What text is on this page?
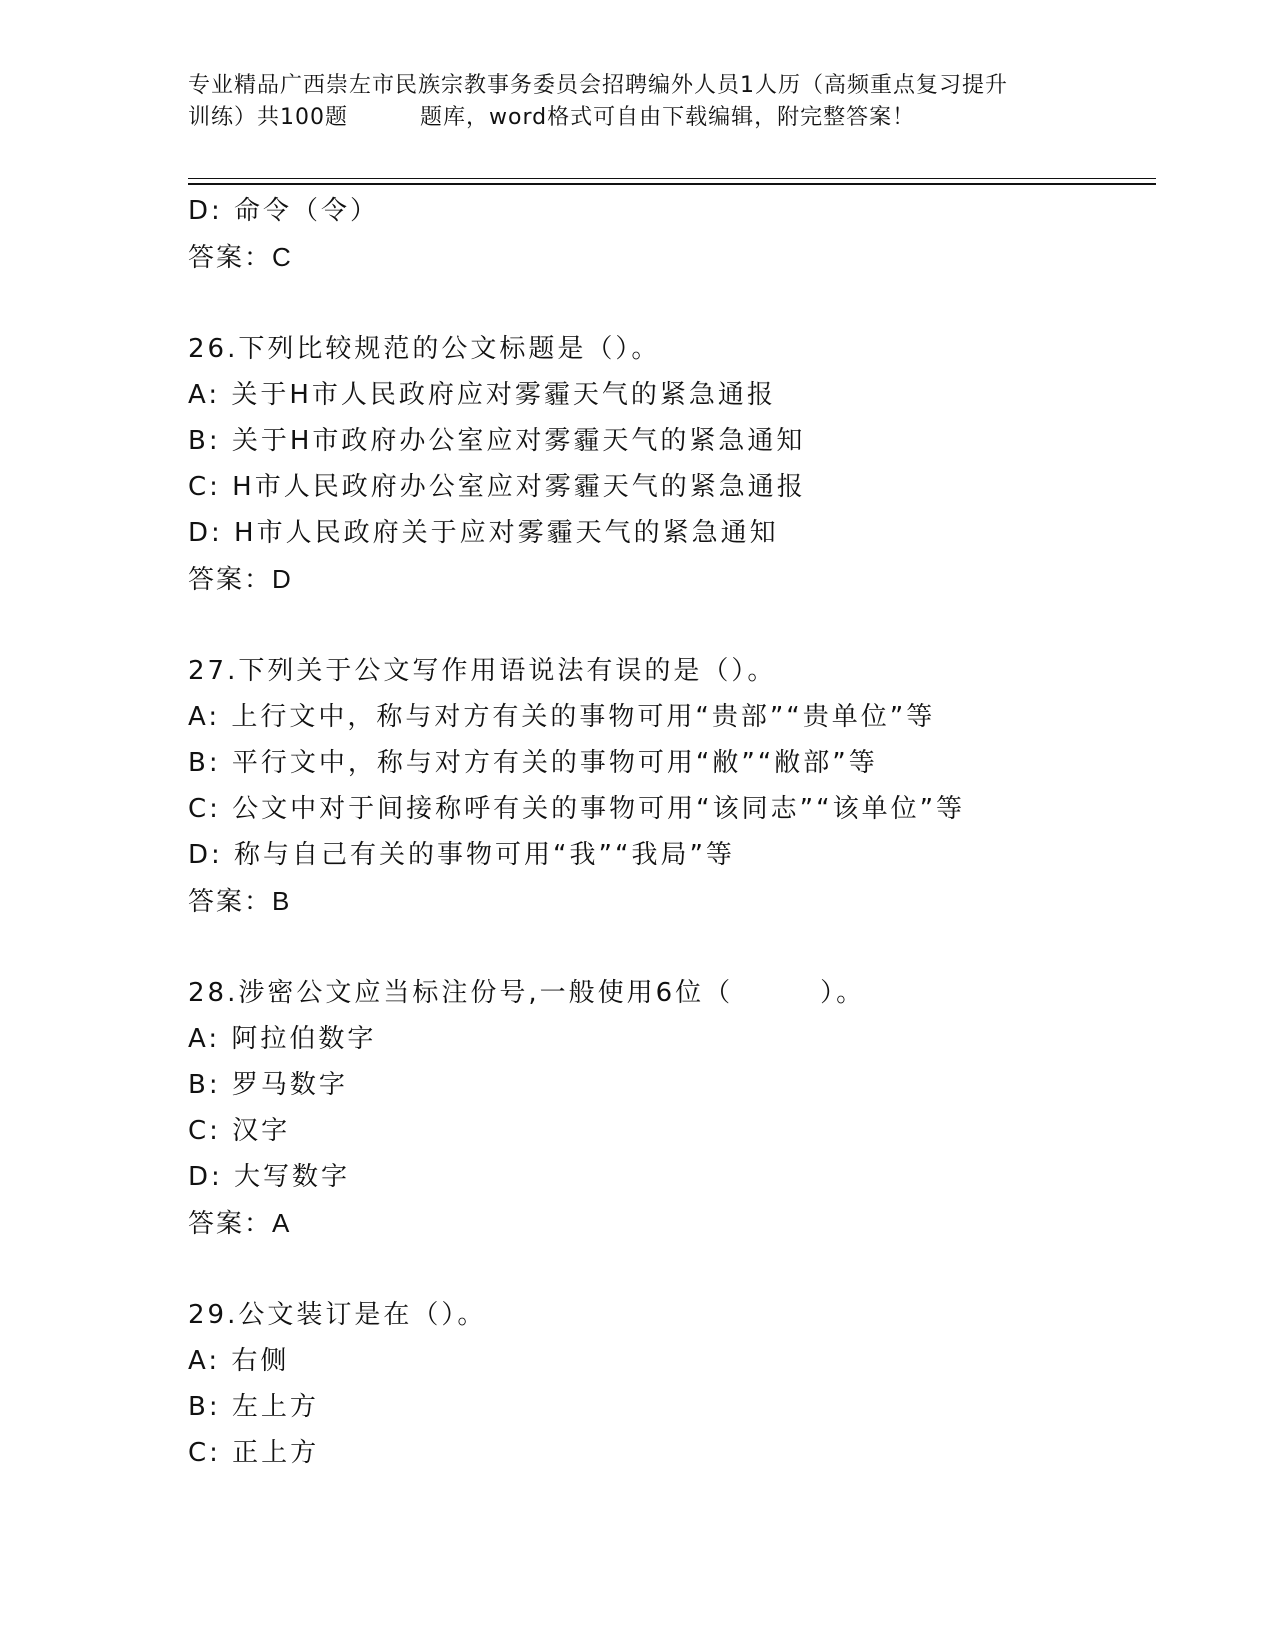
专业精品广西崇左市民族宗教事务委员会招聘编外人员1人历（高频重点复习提升
训练）共100题	题库，word格式可自由下载编辑，附完整答案！
D: 命令（令）
答案：C
26.下列比较规范的公文标题是（）。
A: 关于H市人民政府应对雾霾天气的紧急通报
B: 关于H市政府办公室应对雾霾天气的紧急通知
C: H市人民政府办公室应对雾霾天气的紧急通报
D: H市人民政府关于应对雾霾天气的紧急通知
答案：D
27.下列关于公文写作用语说法有误的是（）。
A: 上行文中，称与对方有关的事物可用“贵部”“贵单位”等
B: 平行文中，称与对方有关的事物可用“敝”“敝部”等
C: 公文中对于间接称呼有关的事物可用“该同志”“该单位”等
D: 称与自己有关的事物可用“我”“我局”等
答案：B
28.涉密公文应当标注份号,一般使用6位（　　　）。
A: 阿拉伯数字
B: 罗马数字
C: 汉字
D: 大写数字
答案：A
29.公文装订是在（）。
A: 右侧
B: 左上方
C: 正上方
